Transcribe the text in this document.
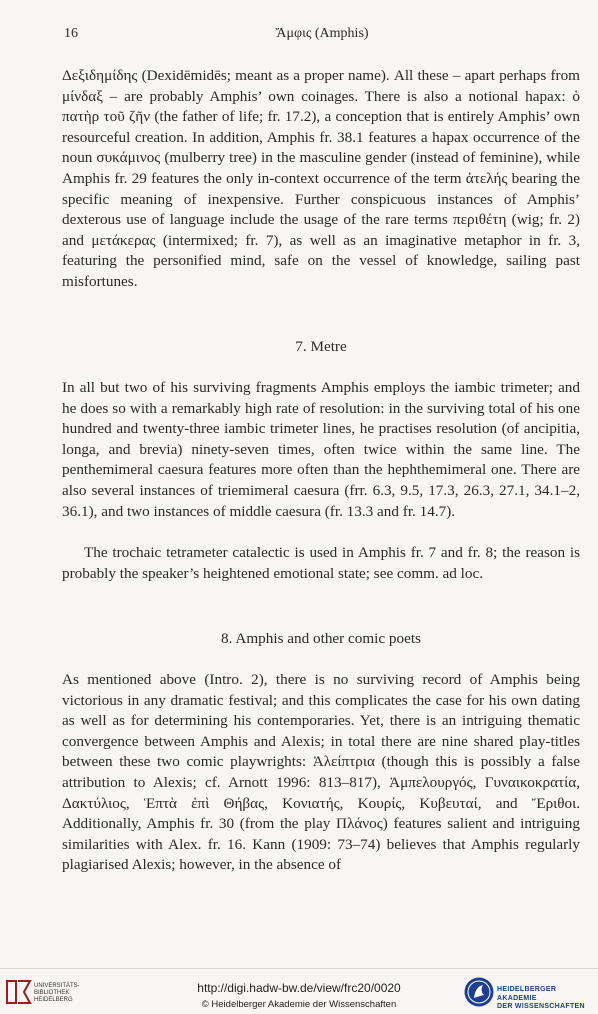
16	Ἄμφις (Amphis)

Δεξιδημίδης (Dexidēmidēs; meant as a proper name). All these – apart perhaps from μίνδαξ – are probably Amphis’ own coinages. There is also a notional hapax: ὁ πατὴρ τοῦ ζῆν (the father of life; fr. 17.2), a conception that is entirely Amphis’ own resourceful creation. In addition, Amphis fr. 38.1 features a hapax occurrence of the noun συκάμινος (mulberry tree) in the masculine gender (instead of feminine), while Amphis fr. 29 features the only in-context occurrence of the term ἀτελής bearing the specific meaning of inexpensive. Further conspicuous instances of Amphis’ dexterous use of language include the usage of the rare terms περιθέτη (wig; fr. 2) and μετάκερας (intermixed; fr. 7), as well as an imaginative metaphor in fr. 3, featuring the personified mind, safe on the vessel of knowledge, sailing past misfortunes.

7. Metre

In all but two of his surviving fragments Amphis employs the iambic trimeter; and he does so with a remarkably high rate of resolution: in the surviving total of his one hundred and twenty-three iambic trimeter lines, he practises resolution (of ancipitia, longa, and brevia) ninety-seven times, often twice within the same line. The penthemimeral caesura features more often than the hephthemimeral one. There are also several instances of triemimeral caesura (frr. 6.3, 9.5, 17.3, 26.3, 27.1, 34.1–2, 36.1), and two instances of middle caesura (fr. 13.3 and fr. 14.7).

The trochaic tetrameter catalectic is used in Amphis fr. 7 and fr. 8; the reason is probably the speaker’s heightened emotional state; see comm. ad loc.

8. Amphis and other comic poets

As mentioned above (Intro. 2), there is no surviving record of Amphis being victorious in any dramatic festival; and this complicates the case for his own dating as well as for determining his contemporaries. Yet, there is an intriguing thematic convergence between Amphis and Alexis; in total there are nine shared play-titles between these two comic playwrights: Ἀλείπτρια (though this is possibly a false attribution to Alexis; cf. Arnott 1996: 813–817), Ἀμπελουργός, Γυναικοκρατία, Δακτύλιος, Ἑπτὰ ἐπὶ Θήβας, Κονιατής, Κουρίς, Κυβευταί, and Ἔριθοι. Additionally, Amphis fr. 30 (from the play Πλάνος) features salient and intriguing similarities with Alex. fr. 16. Kann (1909: 73–74) believes that Amphis regularly plagiarised Alexis; however, in the absence of

UNIVERSITÄTS-
BIBLIOTHEK
HEIDELBERG
http://digi.hadw-bw.de/view/frc20/0020
© Heidelberger Akademie der Wissenschaften
HEIDELBERGER AKADEMIE
DER WISSENSCHAFTEN
